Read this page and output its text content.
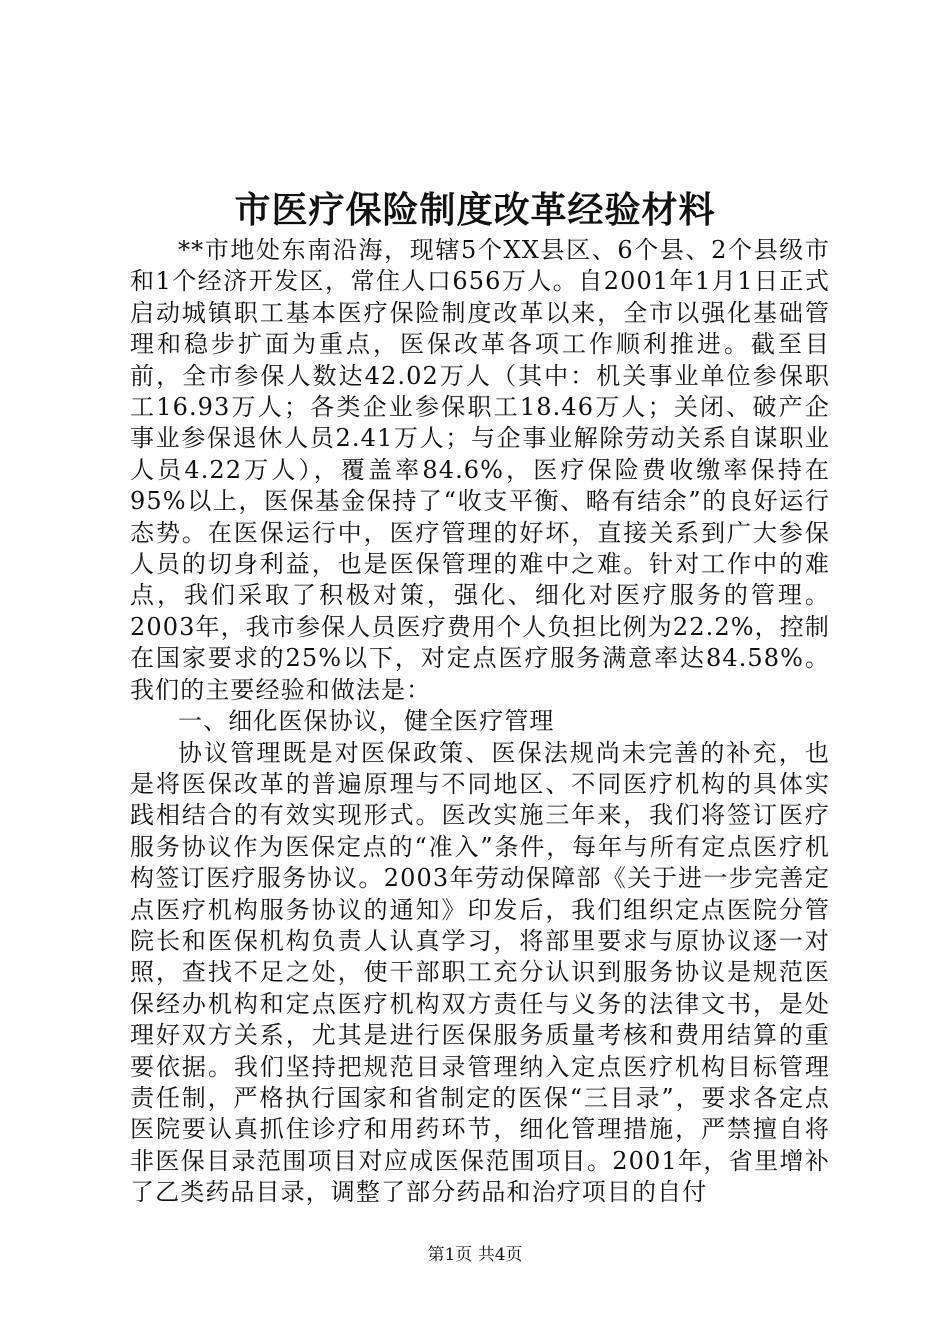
市医疗保险制度改革经验材料

**市地处东南沿海，现辖5个XX县区、6个县、2个县级市和1个经济开发区，常住人口656万人。自2001年1月1日正式启动城镇职工基本医疗保险制度改革以来，全市以强化基础管理和稳步扩面为重点，医保改革各项工作顺利推进。截至目前，全市参保人数达42.02万人（其中：机关事业单位参保职工16.93万人；各类企业参保职工18.46万人；关闭、破产企事业参保退休人员2.41万人；与企事业解除劳动关系自谋职业人员4.22万人），覆盖率84.6%，医疗保险费收缴率保持在95%以上，医保基金保持了“收支平衡、略有结余”的良好运行态势。在医保运行中，医疗管理的好坏，直接关系到广大参保人员的切身利益，也是医保管理的难中之难。针对工作中的难点，我们采取了积极对策，强化、细化对医疗服务的管理。2003年，我市参保人员医疗费用个人负担比例为22.2%，控制在国家要求的25%以下，对定点医疗服务满意率达84.58%。我们的主要经验和做法是：

一、细化医保协议，健全医疗管理

协议管理既是对医保政策、医保法规尚未完善的补充，也是将医保改革的普遍原理与不同地区、不同医疗机构的具体实践相结合的有效实现形式。医改实施三年来，我们将签订医疗服务协议作为医保定点的“准入”条件，每年与所有定点医疗机构签订医疗服务协议。2003年劳动保障部《关于进一步完善定点医疗机构服务协议的通知》印发后，我们组织定点医院分管院长和医保机构负责人认真学习，将部里要求与原协议逐一对照，查找不足之处，使干部职工充分认识到服务协议是规范医保经办机构和定点医疗机构双方责任与义务的法律文书，是处理好双方关系，尤其是进行医保服务质量考核和费用结算的重要依据。我们坚持把规范目录管理纳入定点医疗机构目标管理责任制，严格执行国家和省制定的医保“三目录”，要求各定点医院要认真抓住诊疗和用药环节，细化管理措施，严禁擅自将非医保目录范围项目对应成医保范围项目。2001年，省里增补了乙类药品目录，调整了部分药品和治疗项目的自付

第1页 共4页
